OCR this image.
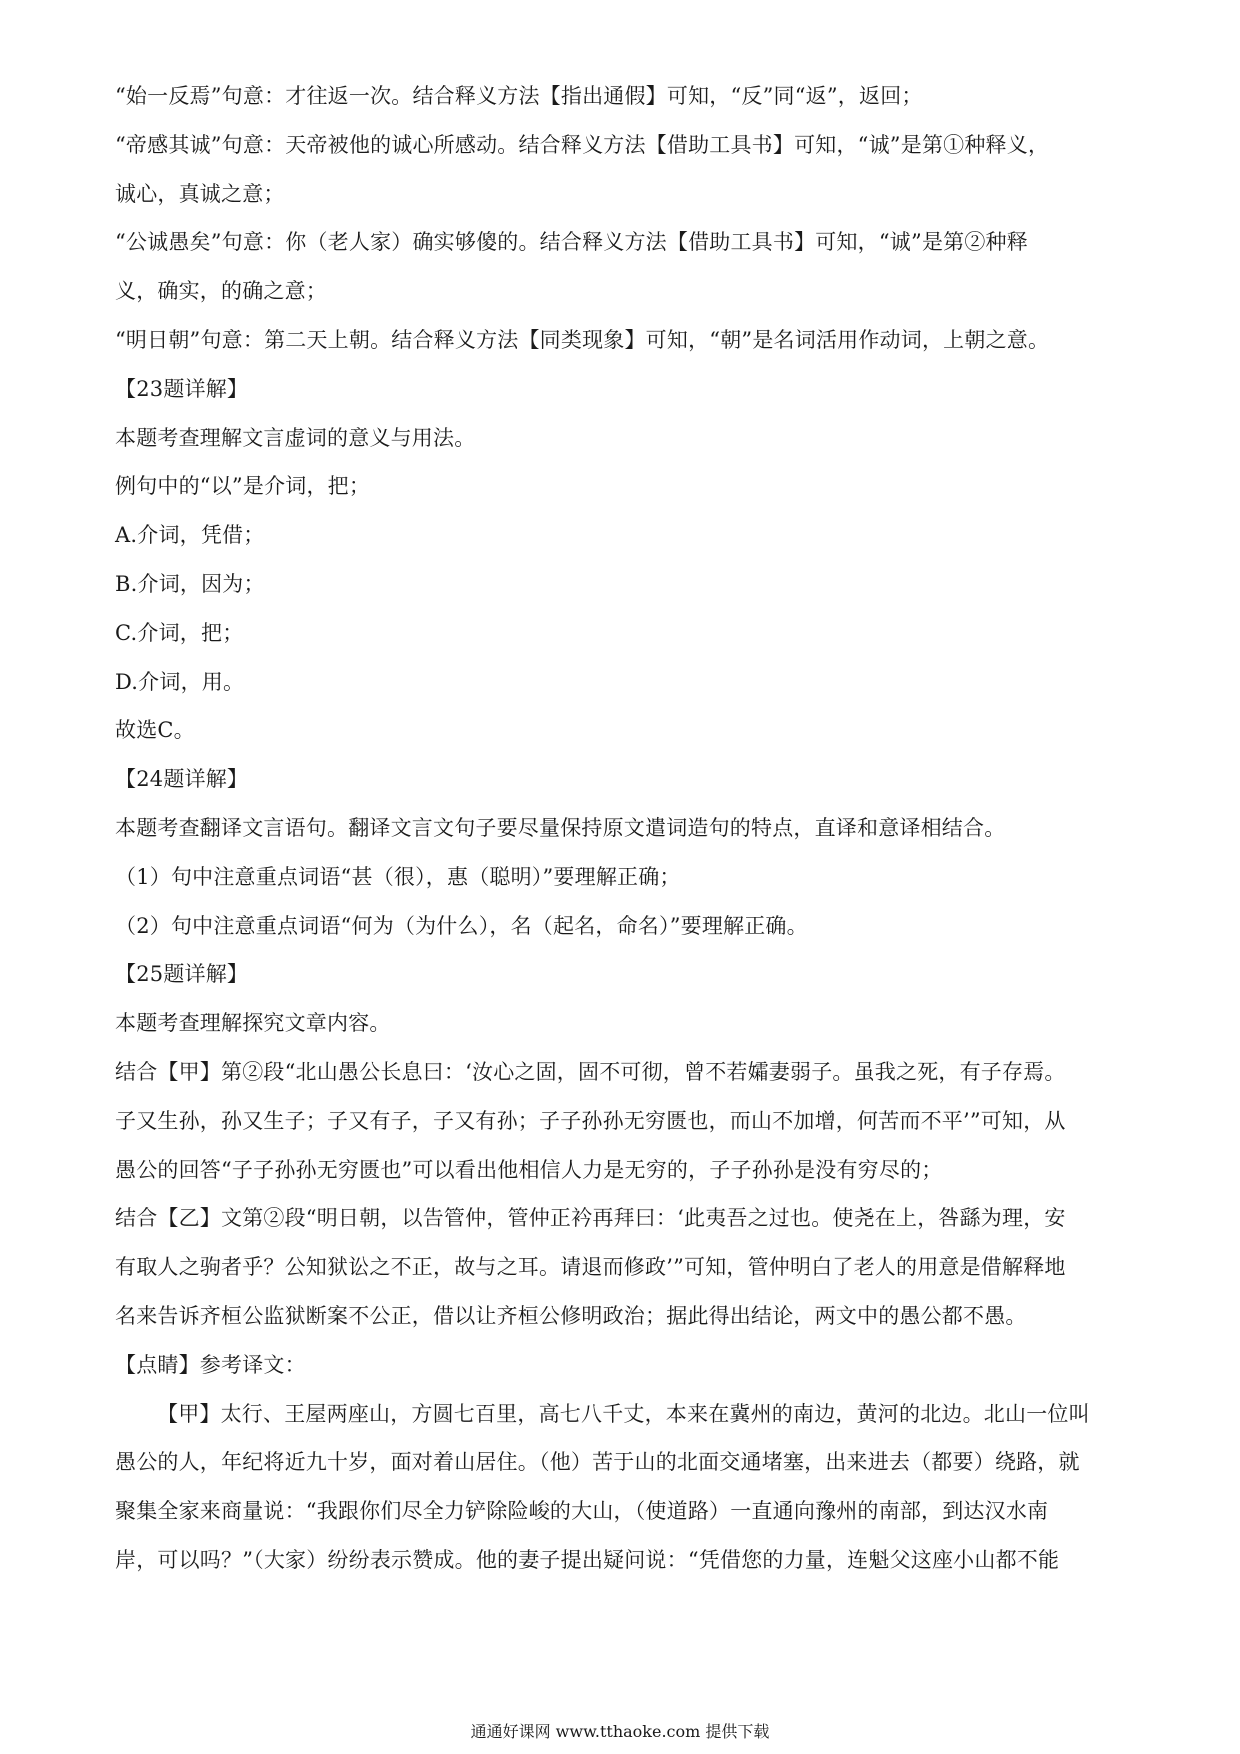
“始一反焉”句意：才往返一次。结合释义方法【指出通假】可知，“反”同“返”，返回；

“帝感其诚”句意：天帝被他的诚心所感动。结合释义方法【借助工具书】可知，“诚”是第①种释义，

诚心，真诚之意；

“公诚愚矣”句意：你（老人家）确实够傻的。结合释义方法【借助工具书】可知，“诚”是第②种释

义，确实，的确之意；

“明日朝”句意：第二天上朝。结合释义方法【同类现象】可知，“朝”是名词活用作动词，上朝之意。

【23题详解】

本题考查理解文言虚词的意义与用法。

例句中的“以”是介词，把；

A.介词，凭借；

B.介词，因为；

C.介词，把；

D.介词，用。

故选C。

【24题详解】

本题考查翻译文言语句。翻译文言文句子要尽量保持原文遣词造句的特点，直译和意译相结合。

（1）句中注意重点词语“甚（很），惠（聪明）”要理解正确；

（2）句中注意重点词语“何为（为什么），名（起名，命名）”要理解正确。

【25题详解】

本题考查理解探究文章内容。

结合【甲】第②段“北山愚公长息曰：‘汝心之固，固不可彻，曾不若孀妻弱子。虽我之死，有子存焉。

子又生孙，孙又生子；子又有子，子又有孙；子子孙孙无穷匮也，而山不加增，何苦而不平’”可知，从

愚公的回答“子子孙孙无穷匮也”可以看出他相信人力是无穷的，子子孙孙是没有穷尽的；

结合【乙】文第②段“明日朝，以告管仲，管仲正衿再拜曰：‘此夷吾之过也。使尧在上，咎繇为理，安

有取人之驹者乎？公知狱讼之不正，故与之耳。请退而修政’”可知，管仲明白了老人的用意是借解释地

名来告诉齐桓公监狱断案不公正，借以让齐桓公修明政治；据此得出结论，两文中的愚公都不愚。

【点睛】参考译文：

【甲】太行、王屋两座山，方圆七百里，高七八千丈，本来在冀州的南边，黄河的北边。北山一位叫

愚公的人，年纪将近九十岁，面对着山居住。（他）苦于山的北面交通堵塞，出来进去（都要）绕路，就

聚集全家来商量说：“我跟你们尽全力铲除险峻的大山，（使道路）一直通向豫州的南部，到达汉水南

岸，可以吗？”（大家）纷纷表示赞成。他的妻子提出疑问说：“凭借您的力量，连魁父这座小山都不能

通通好课网 www.tthaoke.com 提供下载
